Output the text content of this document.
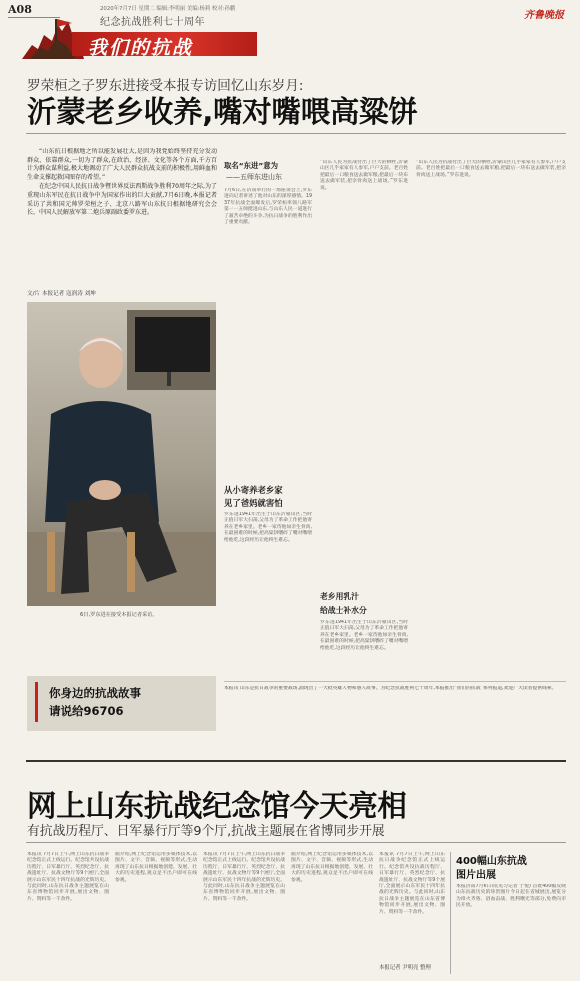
A08	2020年7月7日 星期二 编辑:李明丽 美编:杨莉 校对:孙鹏
纪念抗战胜利七十周年
我们的抗战
齐鲁晚报
罗荣桓之子罗东进接受本报专访回忆山东岁月:
沂蒙老乡收养,嘴对嘴喂高粱饼
“山东抗日根据地之所以能发展壮大,是因为我党始终坚持充分发动群众、依靠群众,一切为了群众,在政治、经济、文化等各个方面,千方百计为群众谋利益,极大地调动了广大人民群众抗战支前的积极性,用鲜血和生命支撑起救国图存的希望。”
在纪念中国人民抗日战争暨世界反法西斯战争胜利70周年之际,为了重现山东军民在抗日战争中为国家作出的巨大贡献,7月6日晚,本报记者采访了共和国元帅罗荣桓之子、北京八路军山东抗日根据地研究会会长、中国人民解放军第二炮兵原副政委罗东进。
文/片 本报记者 寇润涛 刘坤
6日,罗东进在接受本报记者采访。
你身边的抗战故事
请说给96706
取名“东进”意为
——五师东进山东
从小寄养老乡家
见了爸妈就害怕
老乡用乳汁
给战士补水分
7月6日,在济南举行的一场座谈会上,罗东进向记者讲述了他对山东的深厚感情。1937年抗战全面爆发后,罗荣桓率领八路军第一一五师挺进山东,与山东人民一道进行了艰苦卓绝的斗争,为抗日战争的胜利作出了重要贡献。
罗东进1941年出生于山东沂蒙山区,当时正值日军大扫荡,父母为了革命工作把他寄养在老乡家里。老乡一家待他如亲生骨肉,在最困难的时候,把高粱饼嚼碎了嘴对嘴喂给他吃,这段经历让他终生难忘。
“山东人民为抗战付出了巨大的牺牲,沂蒙山区几乎家家有人参军,户户支前。老百姓把最后一口粮食送去做军粮,把最后一块布送去做军装,把亲骨肉送上战场。”罗东进说。
罗东进1941年出生于山东沂蒙山区,当时正值日军大扫荡,父母为了革命工作把他寄养在老乡家里。老乡一家待他如亲生骨肉,在最困难的时候,把高粱饼嚼碎了嘴对嘴喂给他吃,这段经历让他终生难忘。
“山东人民为抗战付出了巨大的牺牲,沂蒙山区几乎家家有人参军,户户支前。老百姓把最后一口粮食送去做军粮,把最后一块布送去做军装,把亲骨肉送上战场。”罗东进说。
本报讯 山东是抗日战争的重要战场,涌现出了一大批英雄人物和感人故事。为纪念抗战胜利七十周年,本报推出“我们的抗战”系列报道,欢迎广大读者提供线索。
网上山东抗战纪念馆今天亮相
有抗战历程厅、日军暴行厅等9个厅,抗战主题展在省博同步开展
本报讯 7月7日上午,网上山东抗日战争纪念馆正式上线运行。纪念馆共设抗战历程厅、日军暴行厅、英烈纪念厅、抗战遗址厅、抗战文物厅等9个展厅,全面展示山东军民十四年抗战的光辉历史。与此同时,山东抗日战争主题展览在山东省博物馆同步开展,展出文物、图片、资料等一千余件。
据介绍,网上纪念馆运用多媒体技术,以图片、文字、音频、视频等形式,生动再现了山东抗日根据地创建、发展、壮大的历史进程,观众足不出户即可在线参观。
本报讯 7月7日上午,网上山东抗日战争纪念馆正式上线运行。纪念馆共设抗战历程厅、日军暴行厅、英烈纪念厅、抗战遗址厅、抗战文物厅等9个展厅,全面展示山东军民十四年抗战的光辉历史。与此同时,山东抗日战争主题展览在山东省博物馆同步开展,展出文物、图片、资料等一千余件。
据介绍,网上纪念馆运用多媒体技术,以图片、文字、音频、视频等形式,生动再现了山东抗日根据地创建、发展、壮大的历史进程,观众足不出户即可在线参观。
本报讯 7月7日上午,网上山东抗日战争纪念馆正式上线运行。纪念馆共设抗战历程厅、日军暴行厅、英烈纪念厅、抗战遗址厅、抗战文物厅等9个展厅,全面展示山东军民十四年抗战的光辉历史。与此同时,山东抗日战争主题展览在山东省博物馆同步开展,展出文物、图片、资料等一千余件。
本报记者 尹明亮 整理
400幅山东抗战
图片出展
本报济南7月6日讯(见习记者 于悦) 首批400幅反映山东抗战历史的珍贵图片今日起在省城展出,展览分为烽火齐鲁、浴血奋战、胜利曙光等部分,免费向市民开放。
